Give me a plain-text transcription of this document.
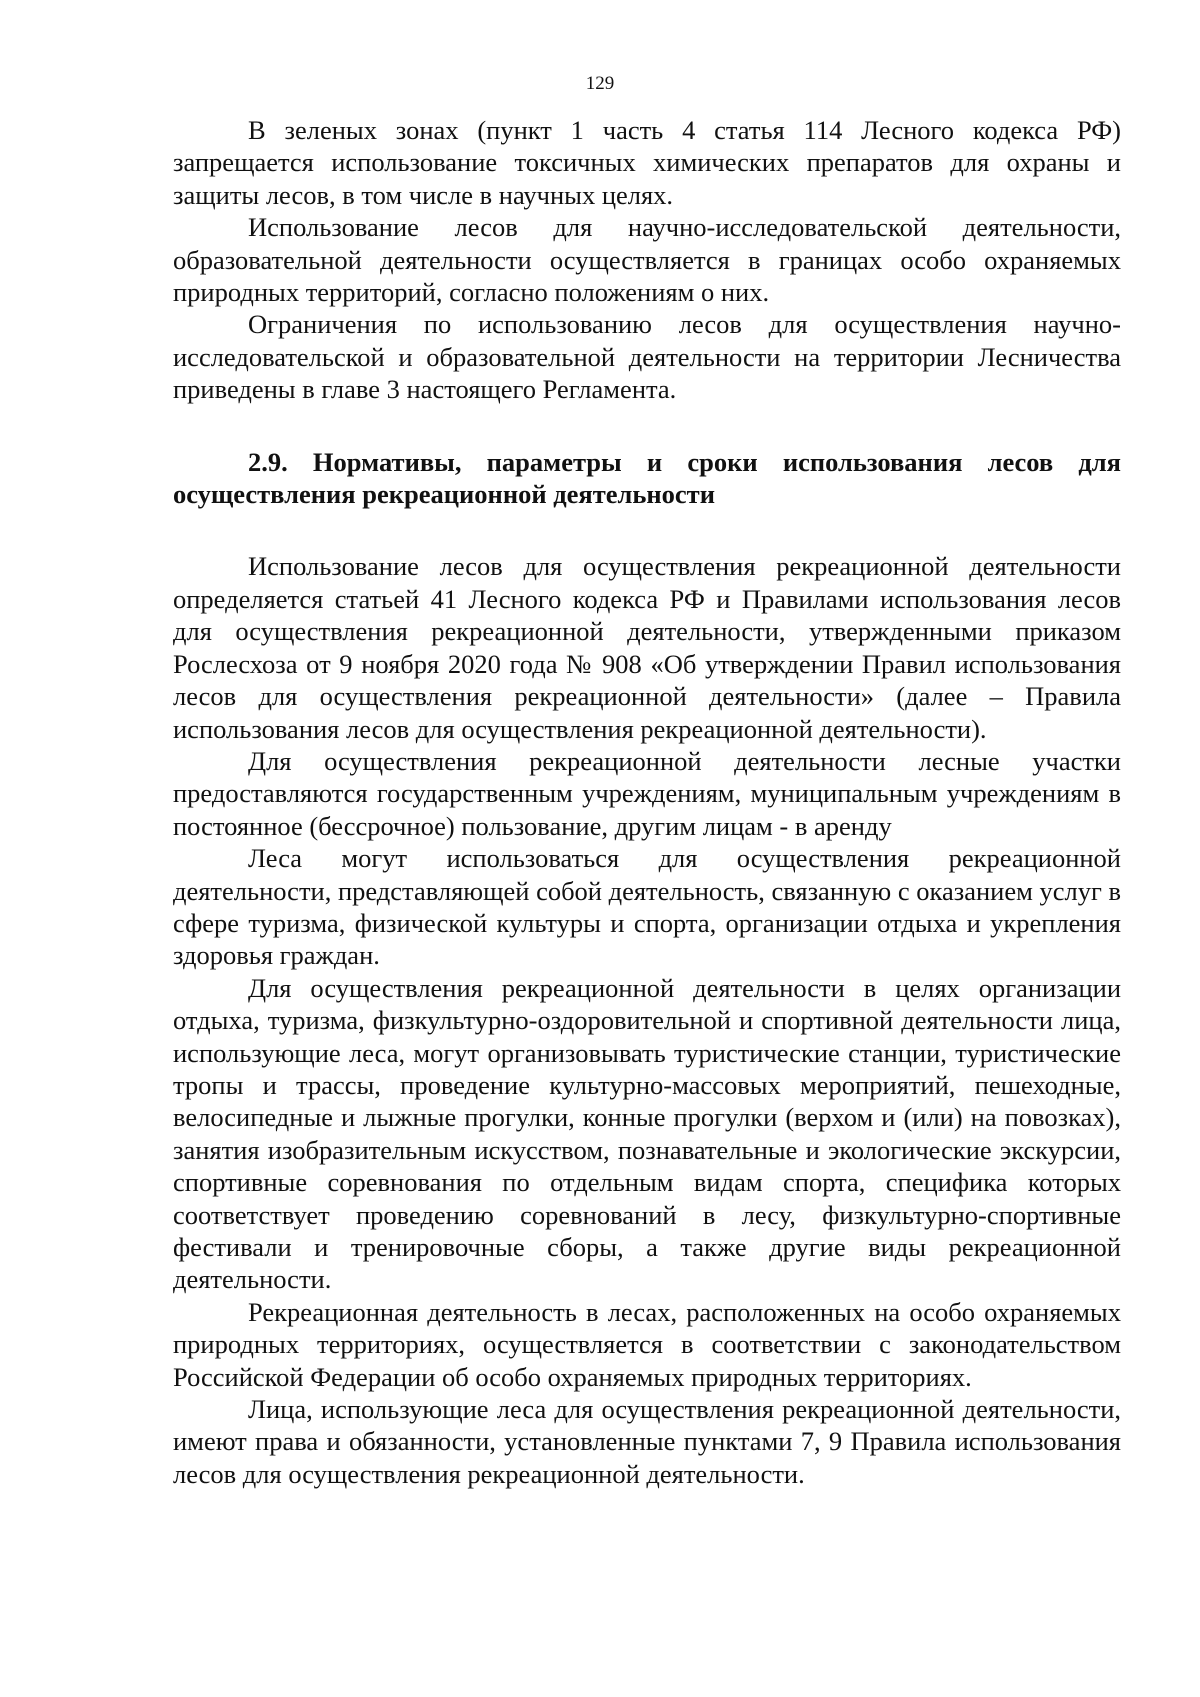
129

В зеленых зонах (пункт 1 часть 4 статья 114 Лесного кодекса РФ) запрещается использование токсичных химических препаратов для охраны и защиты лесов, в том числе в научных целях.

Использование лесов для научно-исследовательской деятельности, образовательной деятельности осуществляется в границах особо охраняемых природных территорий, согласно положениям о них.

Ограничения по использованию лесов для осуществления научно-исследовательской и образовательной деятельности на территории Лесничества приведены в главе 3 настоящего Регламента.

2.9. Нормативы, параметры и сроки использования лесов для осуществления рекреационной деятельности

Использование лесов для осуществления рекреационной деятельности определяется статьей 41 Лесного кодекса РФ и Правилами использования лесов для осуществления рекреационной деятельности, утвержденными приказом Рослесхоза от 9 ноября 2020 года № 908 «Об утверждении Правил использования лесов для осуществления рекреационной деятельности» (далее – Правила использования лесов для осуществления рекреационной деятельности).

Для осуществления рекреационной деятельности лесные участки предоставляются государственным учреждениям, муниципальным учреждениям в постоянное (бессрочное) пользование, другим лицам - в аренду

Леса могут использоваться для осуществления рекреационной деятельности, представляющей собой деятельность, связанную с оказанием услуг в сфере туризма, физической культуры и спорта, организации отдыха и укрепления здоровья граждан.

Для осуществления рекреационной деятельности в целях организации отдыха, туризма, физкультурно-оздоровительной и спортивной деятельности лица, использующие леса, могут организовывать туристические станции, туристические тропы и трассы, проведение культурно-массовых мероприятий, пешеходные, велосипедные и лыжные прогулки, конные прогулки (верхом и (или) на повозках), занятия изобразительным искусством, познавательные и экологические экскурсии, спортивные соревнования по отдельным видам спорта, специфика которых соответствует проведению соревнований в лесу, физкультурно-спортивные фестивали и тренировочные сборы, а также другие виды рекреационной деятельности.

Рекреационная деятельность в лесах, расположенных на особо охраняемых природных территориях, осуществляется в соответствии с законодательством Российской Федерации об особо охраняемых природных территориях.

Лица, использующие леса для осуществления рекреационной деятельности, имеют права и обязанности, установленные пунктами 7, 9 Правила использования лесов для осуществления рекреационной деятельности.
